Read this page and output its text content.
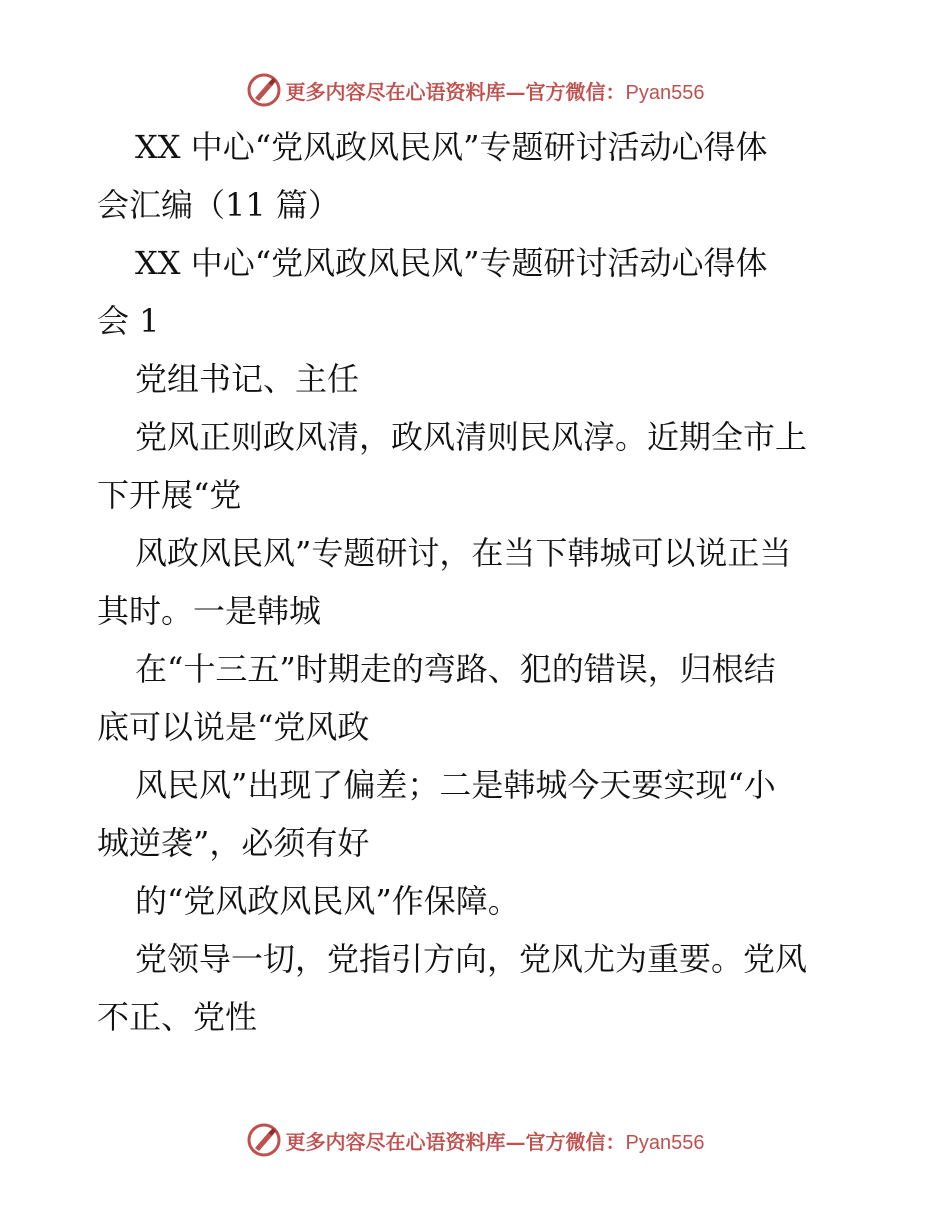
更多内容尽在心语资料库—官方微信：Pyan556

XX 中心“党风政风民风”专题研讨活动心得体
会汇编（11 篇）

XX 中心“党风政风民风”专题研讨活动心得体
会 1

党组书记、主任

党风正则政风清，政风清则民风淳。近期全市上
下开展“党

风政风民风”专题研讨，在当下韩城可以说正当
其时。一是韩城

在“十三五”时期走的弯路、犯的错误，归根结
底可以说是“党风政

风民风”出现了偏差；二是韩城今天要实现“小
城逆袭”，必须有好

的“党风政风民风”作保障。

党领导一切，党指引方向，党风尤为重要。党风
不正、党性

更多内容尽在心语资料库—官方微信：Pyan556
